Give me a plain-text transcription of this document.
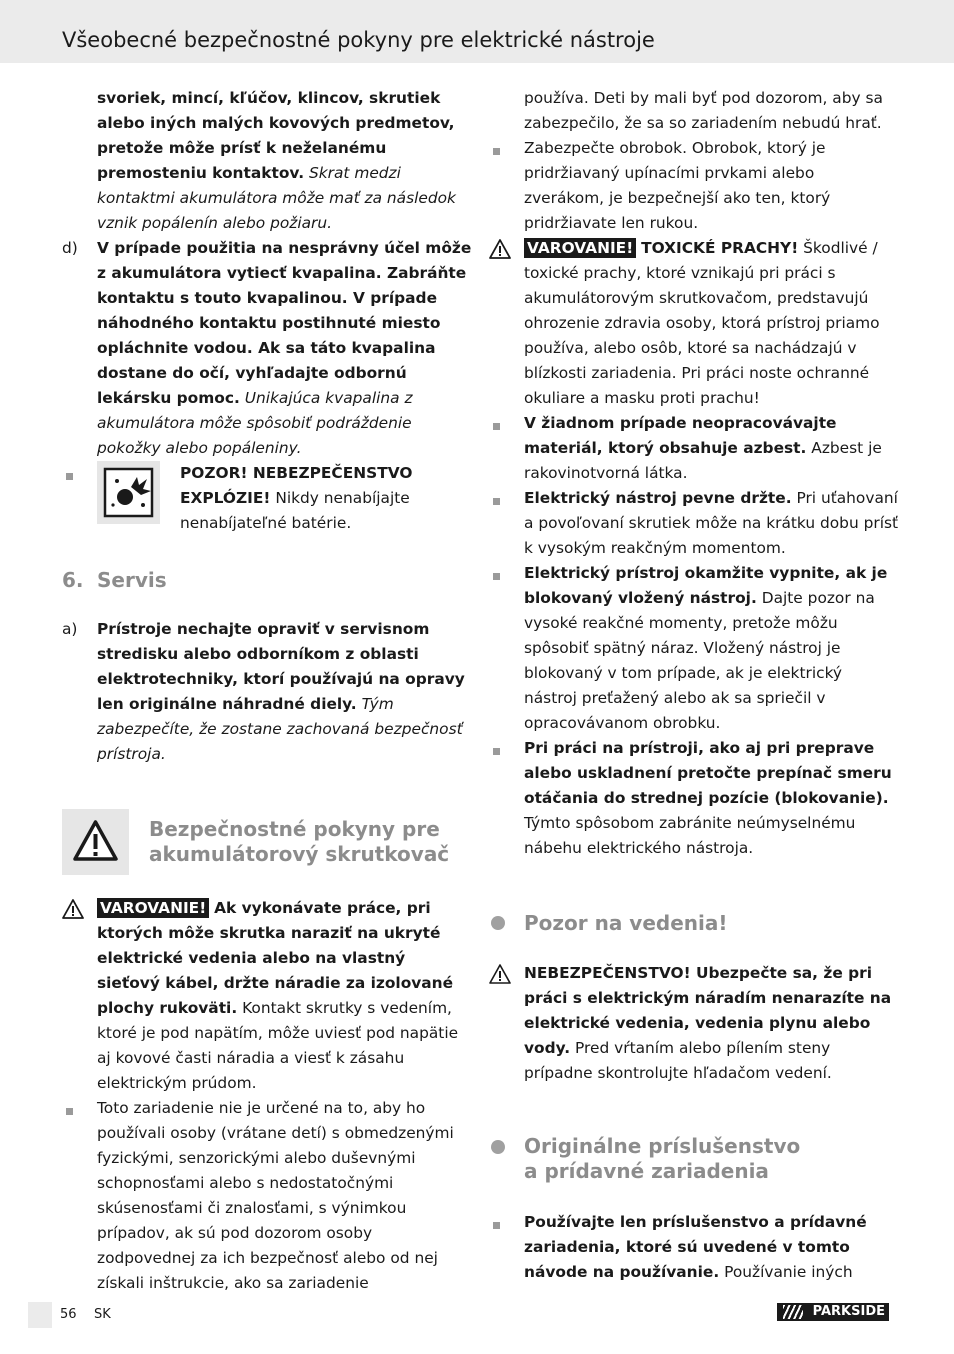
Všeobecné bezpečnostné pokyny pre elektrické nástroje

svoriek, mincí, kľúčov, klincov, skrutiek alebo iných malých kovových predmetov, pretože môže prísť k neželanému premosteniu kontaktov. Skrat medzi kontaktmi akumulátora môže mať za následok vznik popálenín alebo požiaru.

d) V prípade použitia na nesprávny účel môže z akumulátora vytiecť kvapalina. Zabráňte kontaktu s touto kvapalinou. V prípade náhodného kontaktu postihnuté miesto opláchnite vodou. Ak sa táto kvapalina dostane do očí, vyhľadajte odbornú lekársku pomoc. Unikajúca kvapalina z akumulátora môže spôsobiť podráždenie pokožky alebo popáleniny.

POZOR! NEBEZPEČENSTVO EXPLÓZIE! Nikdy nenabíjajte nenabíjateľné batérie.

6. Servis
a) Prístroje nechajte opraviť v servisnom stredisku alebo odborníkom z oblasti elektrotechniky, ktorí používajú na opravy len originálne náhradné diely. Tým zabezpečíte, že zostane zachovaná bezpečnosť prístroja.

Bezpečnostné pokyny pre
akumulátorový skrutkovač

VAROVANIE! Ak vykonávate práce, pri ktorých môže skrutka naraziť na ukryté elektrické vedenia alebo na vlastný sieťový kábel, držte náradie za izolované plochy rukoväti. Kontakt skrutky s vedením, ktoré je pod napätím, môže uviesť pod napätie aj kovové časti náradia a viesť k zásahu elektrickým prúdom.

Toto zariadenie nie je určené na to, aby ho používali osoby (vrátane detí) s obmedzenými fyzickými, senzorickými alebo duševnými schopnosťami alebo s nedostatočnými skúsenosťami či znalosťami, s výnimkou prípadov, ak sú pod dozorom osoby zodpovednej za ich bezpečnosť alebo od nej získali inštrukcie, ako sa zariadenie

používa. Deti by mali byť pod dozorom, aby sa zabezpečilo, že sa so zariadením nebudú hrať.

Zabezpečte obrobok. Obrobok, ktorý je pridržiavaný upínacími prvkami alebo zverákom, je bezpečnejší ako ten, ktorý pridržiavate len rukou.

VAROVANIE! TOXICKÉ PRACHY! Škodlivé / toxické prachy, ktoré vznikajú pri práci s akumulátorovým skrutkovačom, predstavujú ohrozenie zdravia osoby, ktorá prístroj priamo používa, alebo osôb, ktoré sa nachádzajú v blízkosti zariadenia. Pri práci noste ochranné okuliare a masku proti prachu!

V žiadnom prípade neopracovávajte materiál, ktorý obsahuje azbest. Azbest je rakovinotvorná látka.

Elektrický nástroj pevne držte. Pri uťahovaní a povoľovaní skrutiek môže na krátku dobu prísť k vysokým reakčným momentom.

Elektrický prístroj okamžite vypnite, ak je blokovaný vložený nástroj. Dajte pozor na vysoké reakčné momenty, pretože môžu spôsobiť spätný náraz. Vložený nástroj je blokovaný v tom prípade, ak je elektrický nástroj preťažený alebo ak sa spriečil v opracovávanom obrobku.

Pri práci na prístroji, ako aj pri preprave alebo uskladnení pretočte prepínač smeru otáčania do strednej pozície (blokovanie). Týmto spôsobom zabránite neúmyselnému nábehu elektrického nástroja.

Pozor na vedenia!

NEBEZPEČENSTVO! Ubezpečte sa, že pri práci s elektrickým náradím nenarazíte na elektrické vedenia, vedenia plynu alebo vody. Pred vŕtaním alebo pílením steny prípadne skontrolujte hľadačom vedení.

Originálne príslušenstvo
a prídavné zariadenia

Používajte len príslušenstvo a prídavné zariadenia, ktoré sú uvedené v tomto návode na používanie. Používanie iných

56 SK	PARKSIDE
